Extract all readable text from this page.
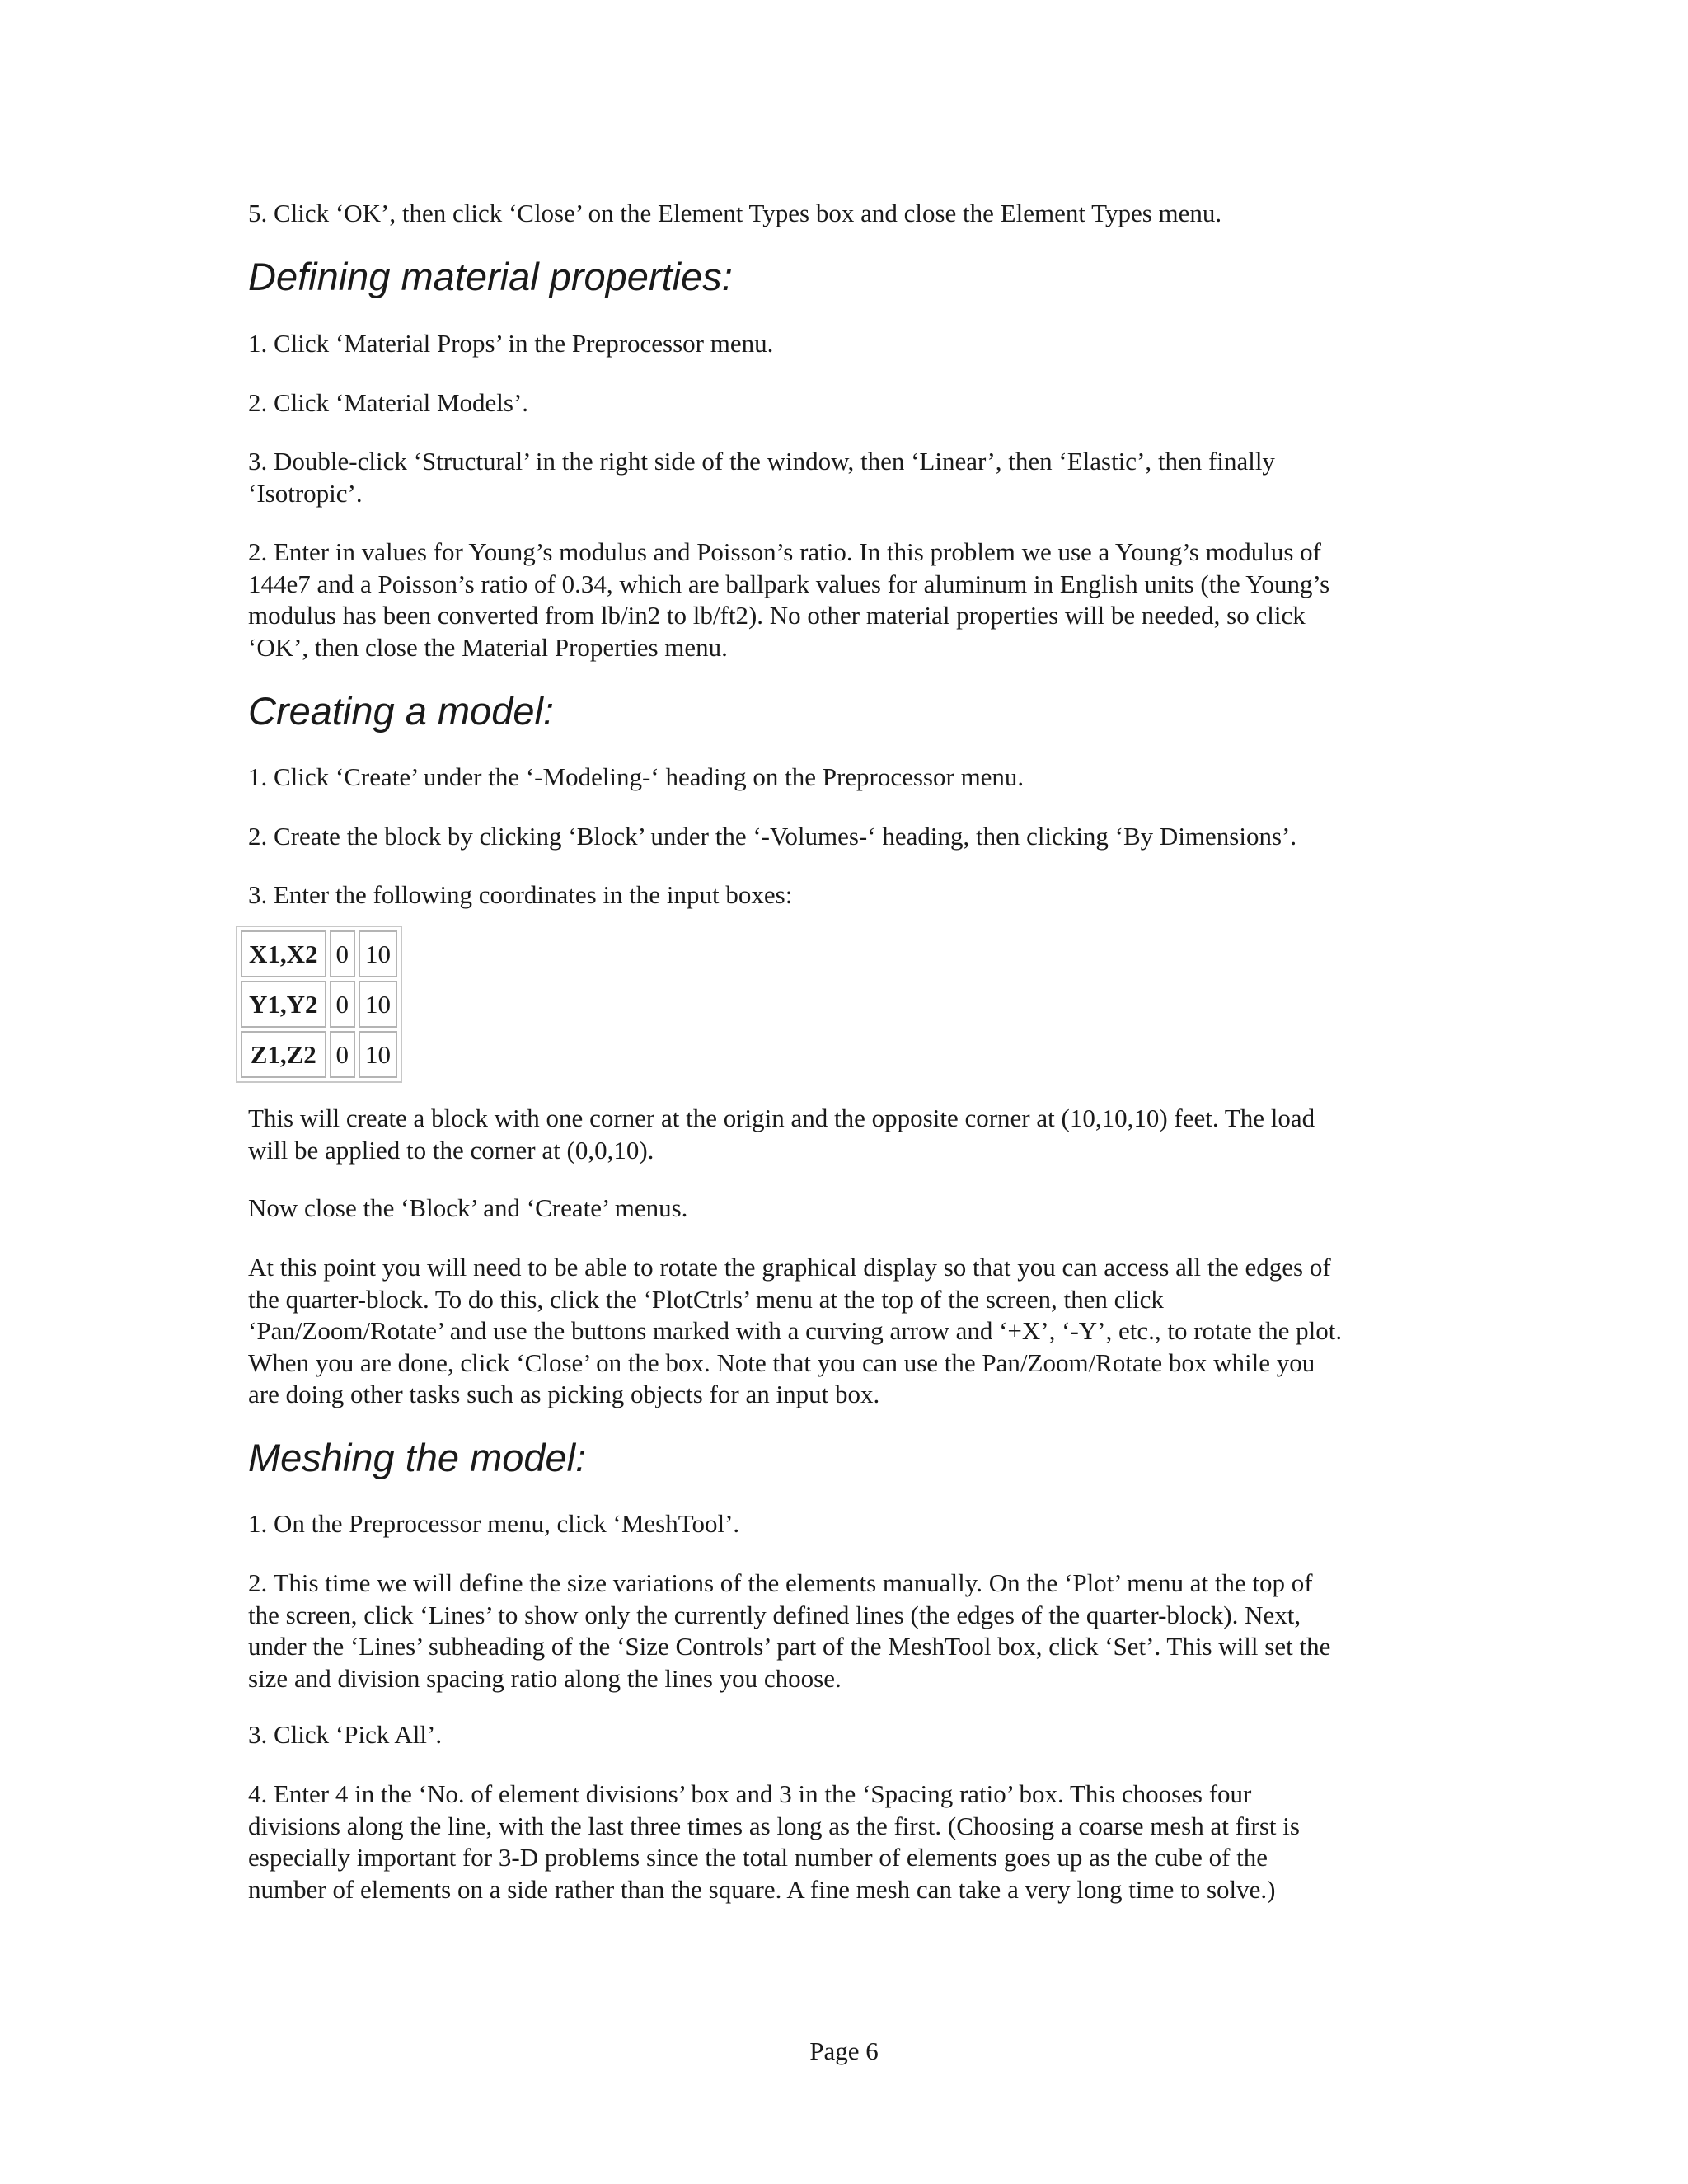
5. Click ‘OK’, then click ‘Close’ on the Element Types box and close the Element Types menu.

Defining material properties:

1. Click ‘Material Props’ in the Preprocessor menu.

2. Click ‘Material Models’.

3. Double-click ‘Structural’ in the right side of the window, then ‘Linear’, then ‘Elastic’, then finally
‘Isotropic’.

2. Enter in values for Young’s modulus and Poisson’s ratio. In this problem we use a Young’s modulus of
144e7 and a Poisson’s ratio of 0.34, which are ballpark values for aluminum in English units (the Young’s
modulus has been converted from lb/in2 to lb/ft2). No other material properties will be needed, so click
‘OK’, then close the Material Properties menu.

Creating a model:

1. Click ‘Create’ under the ‘-Modeling-‘ heading on the Preprocessor menu.

2. Create the block by clicking ‘Block’ under the ‘-Volumes-‘ heading, then clicking ‘By Dimensions’.

3. Enter the following coordinates in the input boxes:

X1,X2	0	10
Y1,Y2	0	10
Z1,Z2	0	10

This will create a block with one corner at the origin and the opposite corner at (10,10,10) feet. The load
will be applied to the corner at (0,0,10).

Now close the ‘Block’ and ‘Create’ menus.

At this point you will need to be able to rotate the graphical display so that you can access all the edges of
the quarter-block. To do this, click the ‘PlotCtrls’ menu at the top of the screen, then click
‘Pan/Zoom/Rotate’ and use the buttons marked with a curving arrow and ‘+X’, ‘-Y’, etc., to rotate the plot.
When you are done, click ‘Close’ on the box. Note that you can use the Pan/Zoom/Rotate box while you
are doing other tasks such as picking objects for an input box.

Meshing the model:

1. On the Preprocessor menu, click ‘MeshTool’.

2. This time we will define the size variations of the elements manually. On the ‘Plot’ menu at the top of
the screen, click ‘Lines’ to show only the currently defined lines (the edges of the quarter-block). Next,
under the ‘Lines’ subheading of the ‘Size Controls’ part of the MeshTool box, click ‘Set’. This will set the
size and division spacing ratio along the lines you choose.

3. Click ‘Pick All’.

4. Enter 4 in the ‘No. of element divisions’ box and 3 in the ‘Spacing ratio’ box. This chooses four
divisions along the line, with the last three times as long as the first. (Choosing a coarse mesh at first is
especially important for 3-D problems since the total number of elements goes up as the cube of the
number of elements on a side rather than the square. A fine mesh can take a very long time to solve.)

Page 6
